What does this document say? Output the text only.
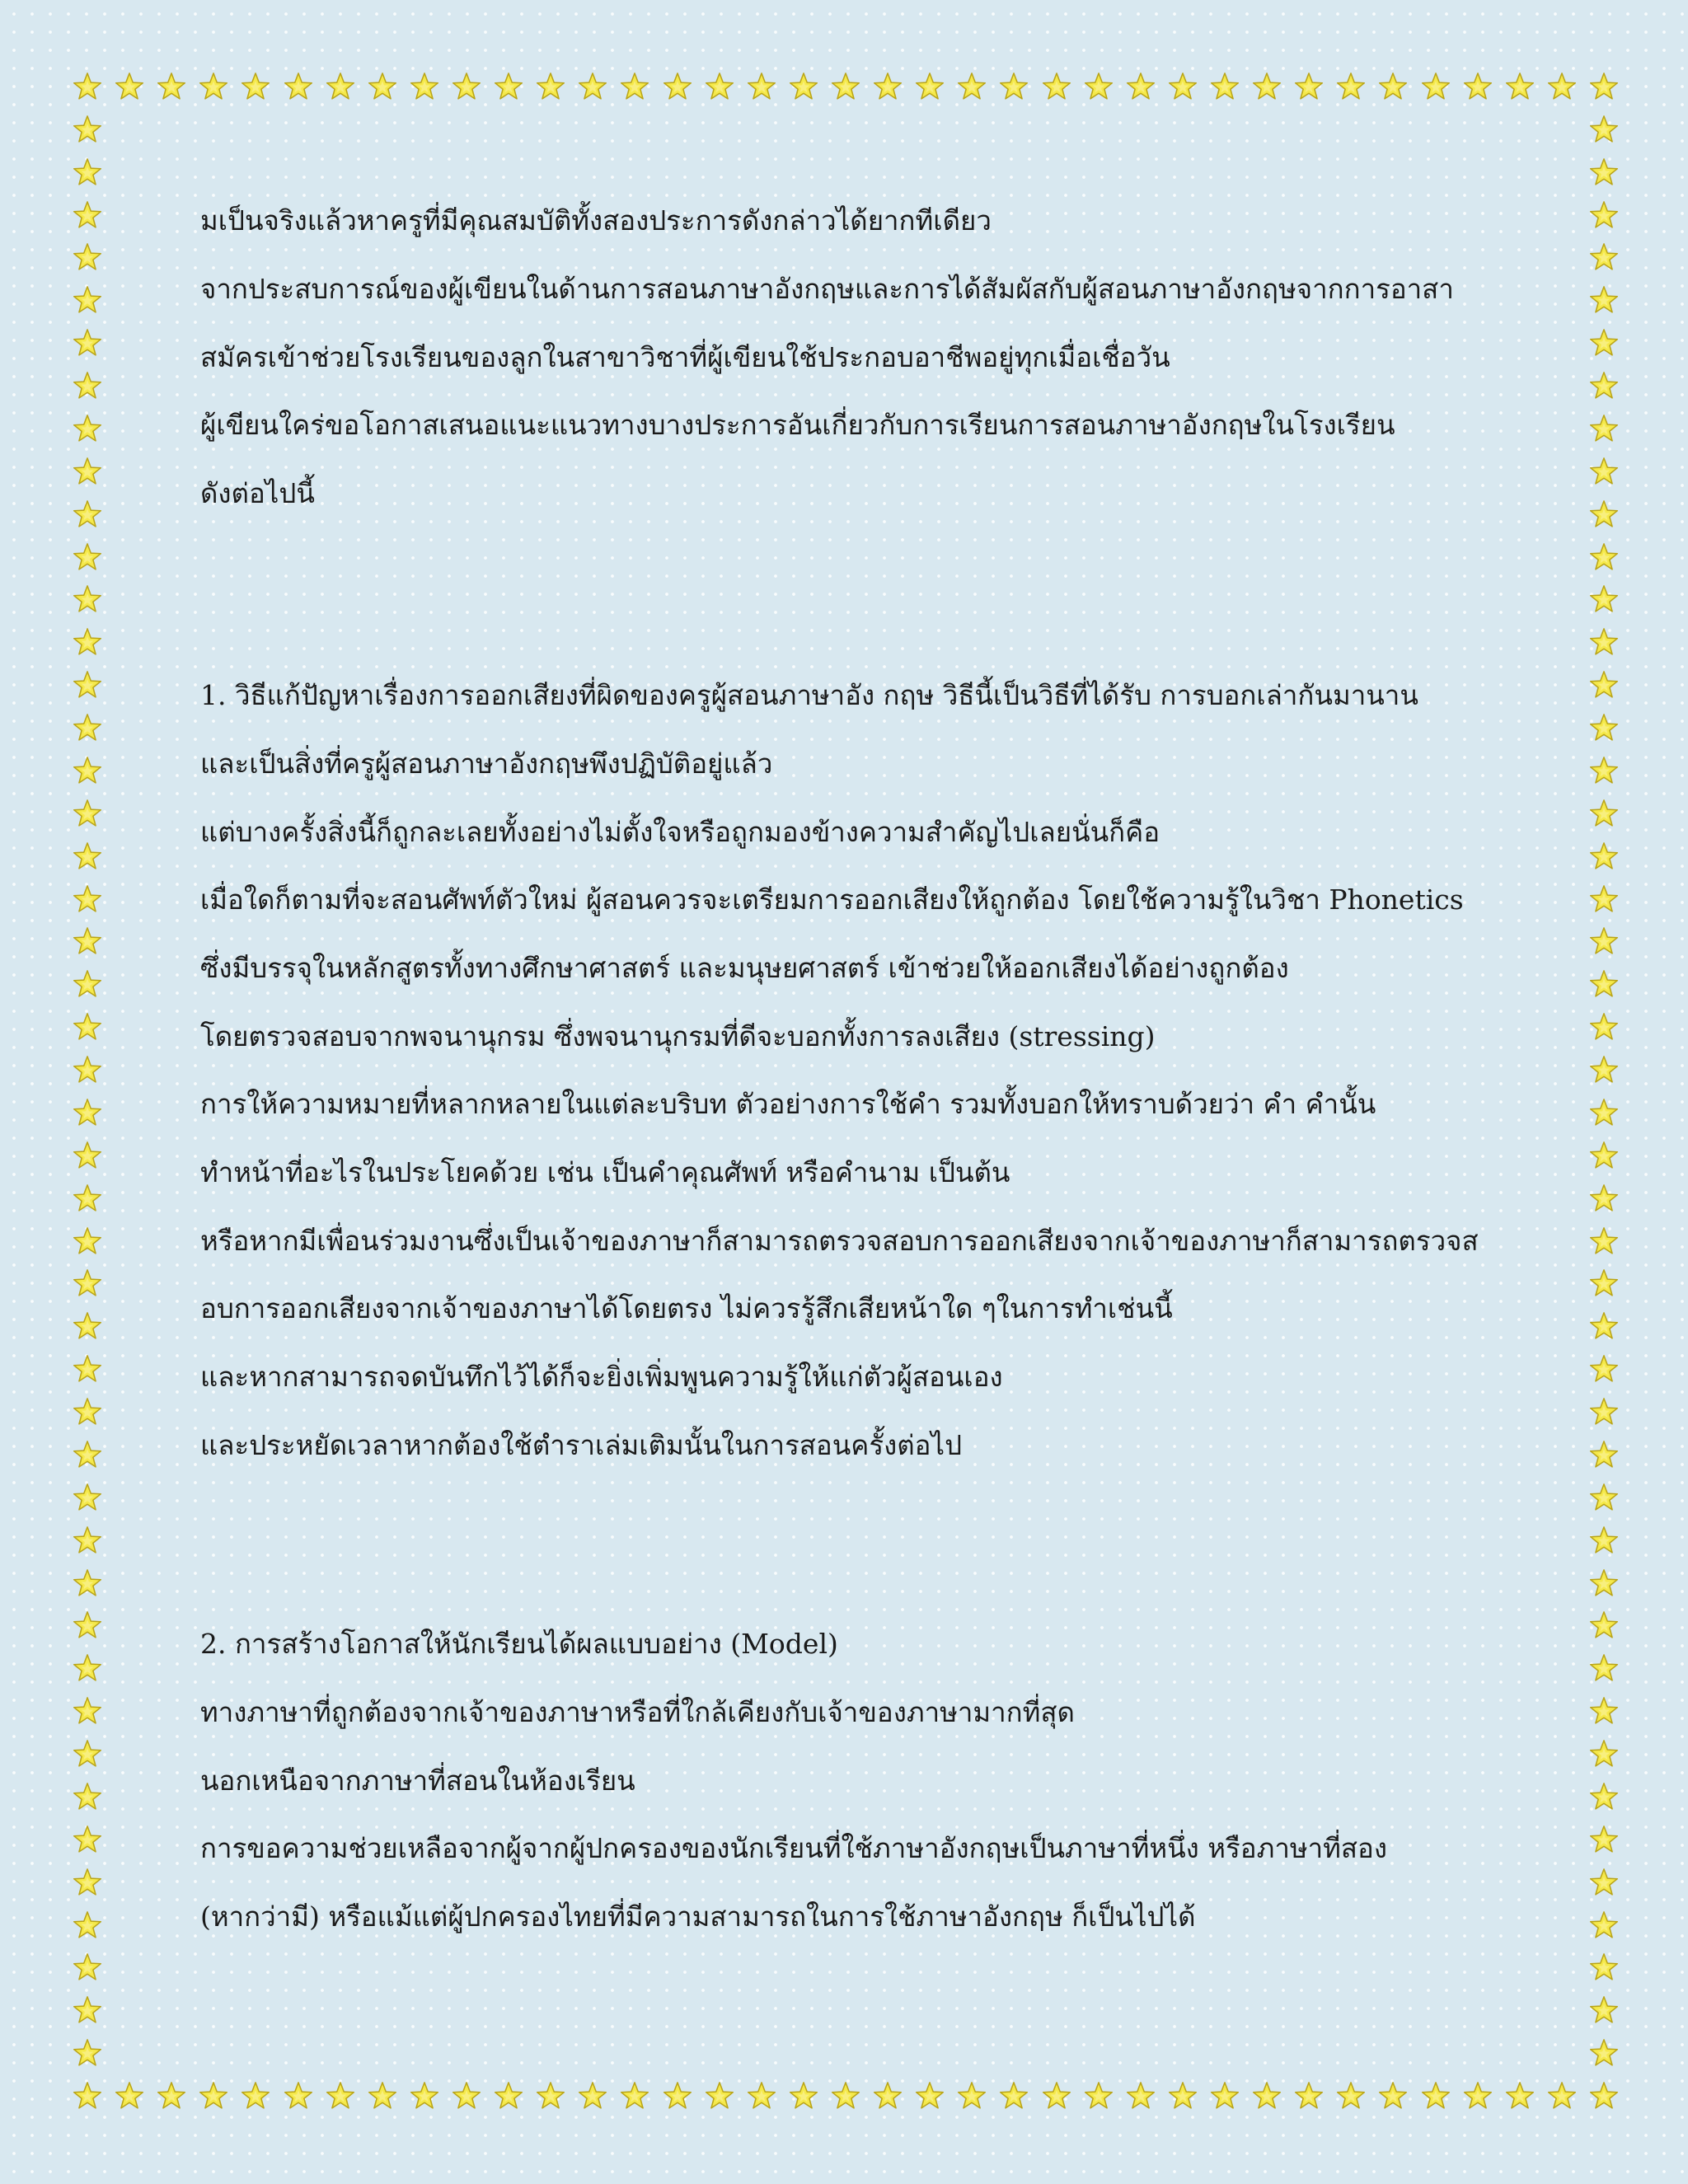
มเป็นจริงแล้วหาครูที่มีคุณสมบัติทั้งสองประการดังกล่าวได้ยากทีเดียว
จากประสบการณ์ของผู้เขียนในด้านการสอนภาษาอังกฤษและการได้สัมผัสกับผู้สอนภาษาอังกฤษจากการอาสา
สมัครเข้าช่วยโรงเรียนของลูกในสาขาวิชาที่ผู้เขียนใช้ประกอบอาชีพอยู่ทุกเมื่อเชื่อวัน
ผู้เขียนใคร่ขอโอกาสเสนอแนะแนวทางบางประการอันเกี่ยวกับการเรียนการสอนภาษาอังกฤษในโรงเรียน
ดังต่อไปนี้
1. วิธีแก้ปัญหาเรื่องการออกเสียงที่ผิดของครูผู้สอนภาษาอัง กฤษ วิธีนี้เป็นวิธีที่ได้รับ การบอกเล่ากันมานาน
และเป็นสิ่งที่ครูผู้สอนภาษาอังกฤษพึงปฏิบัติอยู่แล้ว
แต่บางครั้งสิ่งนี้ก็ถูกละเลยทั้งอย่างไม่ตั้งใจหรือถูกมองข้างความสำคัญไปเลยนั่นก็คือ
เมื่อใดก็ตามที่จะสอนศัพท์ตัวใหม่ ผู้สอนควรจะเตรียมการออกเสียงให้ถูกต้อง โดยใช้ความรู้ในวิชา Phonetics
ซึ่งมีบรรจุในหลักสูตรทั้งทางศึกษาศาสตร์ และมนุษยศาสตร์ เข้าช่วยให้ออกเสียงได้อย่างถูกต้อง
โดยตรวจสอบจากพจนานุกรม ซึ่งพจนานุกรมที่ดีจะบอกทั้งการลงเสียง (stressing)
การให้ความหมายที่หลากหลายในแต่ละบริบท ตัวอย่างการใช้คำ รวมทั้งบอกให้ทราบด้วยว่า คำ คำนั้น
ทำหน้าที่อะไรในประโยคด้วย เช่น เป็นคำคุณศัพท์ หรือคำนาม เป็นต้น
หรือหากมีเพื่อนร่วมงานซึ่งเป็นเจ้าของภาษาก็สามารถตรวจสอบการออกเสียงจากเจ้าของภาษาก็สามารถตรวจส
อบการออกเสียงจากเจ้าของภาษาได้โดยตรง ไม่ควรรู้สึกเสียหน้าใด ๆในการทำเช่นนี้
และหากสามารถจดบันทึกไว้ได้ก็จะยิ่งเพิ่มพูนความรู้ให้แก่ตัวผู้สอนเอง
และประหยัดเวลาหากต้องใช้ตำราเล่มเติมนั้นในการสอนครั้งต่อไป
2. การสร้างโอกาสให้นักเรียนได้ผลแบบอย่าง (Model)
ทางภาษาที่ถูกต้องจากเจ้าของภาษาหรือที่ใกล้เคียงกับเจ้าของภาษามากที่สุด
นอกเหนือจากภาษาที่สอนในห้องเรียน
การขอความช่วยเหลือจากผู้จากผู้ปกครองของนักเรียนที่ใช้ภาษาอังกฤษเป็นภาษาที่หนึ่ง หรือภาษาที่สอง
(หากว่ามี) หรือแม้แต่ผู้ปกครองไทยที่มีความสามารถในการใช้ภาษาอังกฤษ ก็เป็นไปได้
